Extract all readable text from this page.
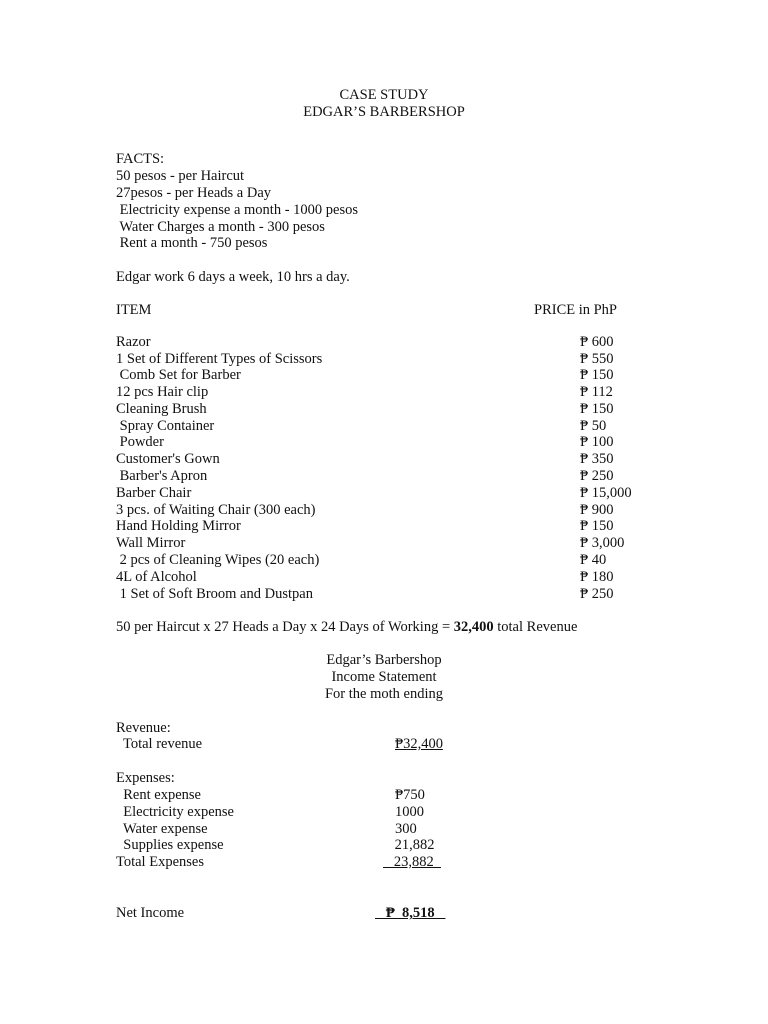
CASE STUDY
EDGAR’S BARBERSHOP
FACTS:
50 pesos - per Haircut
27pesos - per Heads a Day
Electricity expense a month - 1000 pesos
Water Charges a month - 300 pesos
Rent a month - 750 pesos
Edgar work 6 days a week, 10 hrs a day.
ITEM	PRICE in PhP
Razor	₱ 600
1 Set of Different Types of Scissors	₱ 550
Comb Set for Barber	₱ 150
12 pcs Hair clip	₱ 112
Cleaning Brush	₱ 150
Spray Container	₱ 50
Powder	₱ 100
Customer's Gown	₱ 350
Barber's Apron	₱ 250
Barber Chair	₱ 15,000
3 pcs. of Waiting Chair (300 each)	₱ 900
Hand Holding Mirror	₱ 150
Wall Mirror	₱ 3,000
2 pcs of Cleaning Wipes (20 each)	₱ 40
4L of Alcohol	₱ 180
1 Set of Soft Broom and Dustpan	₱ 250
50 per Haircut x 27 Heads a Day x 24 Days of Working = 32,400 total Revenue
Edgar’s Barbershop
Income Statement
For the moth ending
Revenue:
Total revenue	₱32,400
Expenses:
Rent expense	₱750
Electricity expense	1000
Water expense	300
Supplies expense	21,882
Total Expenses	23,882
Net Income	₱  8,518
